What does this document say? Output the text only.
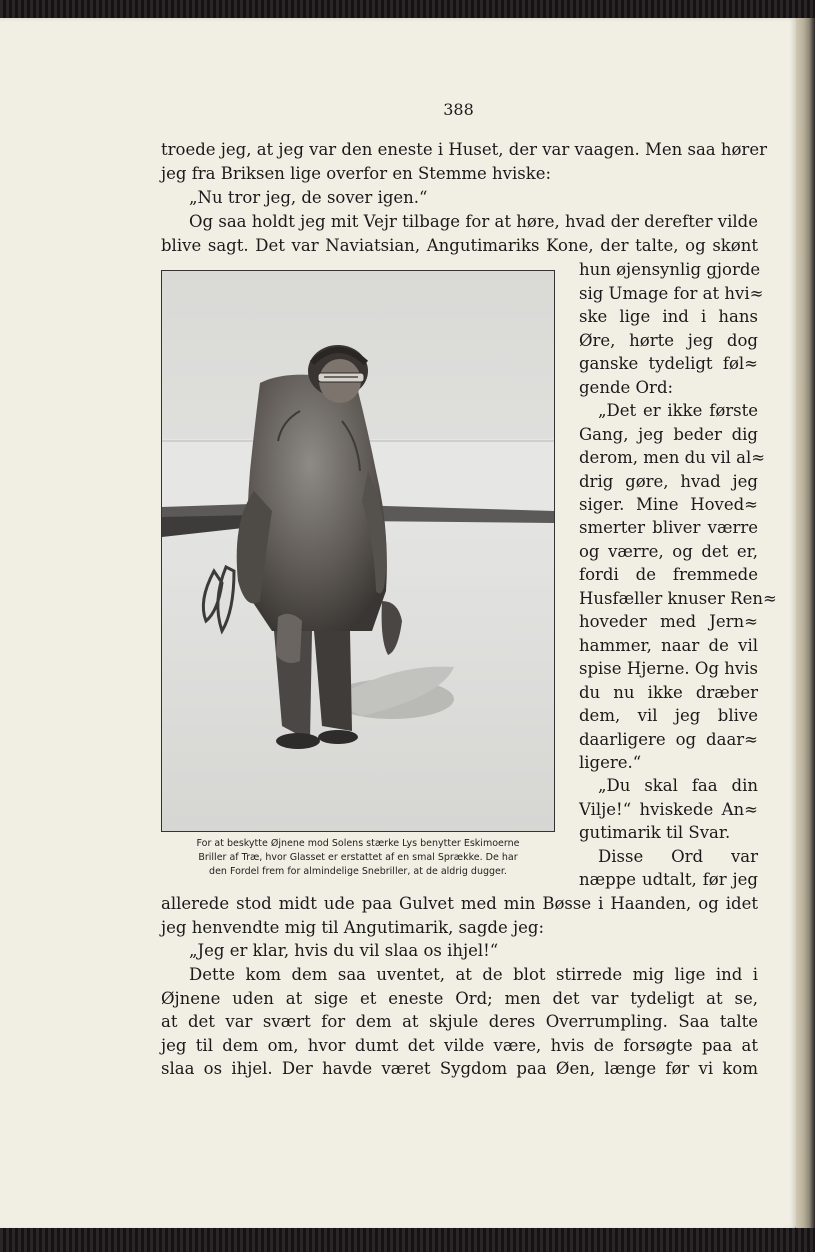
388
troede jeg, at jeg var den eneste i Huset, der var vaagen. Men saa hører
jeg fra Briksen lige overfor en Stemme hviske:
„Nu tror jeg, de sover igen.“
Og saa holdt jeg mit Vejr tilbage for at høre, hvad der derefter vilde
blive sagt. Det var Naviatsian, Angutimariks Kone, der talte, og skønt
hun øjensynlig gjorde
sig Umage for at hvi≈
ske lige ind i hans
Øre, hørte jeg dog
ganske tydeligt føl≈
gende Ord:
„Det er ikke første
Gang, jeg beder dig
derom, men du vil al≈
drig gøre, hvad jeg
siger. Mine Hoved≈
smerter bliver værre
og værre, og det er,
fordi de fremmede
Husfæller knuser Ren≈
hoveder med Jern≈
hammer, naar de vil
spise Hjerne. Og hvis
du nu ikke dræber
dem, vil jeg blive
daarligere og daar≈
ligere.“
„Du skal faa din
Vilje!“ hviskede An≈
gutimarik til Svar.
Disse Ord var
næppe udtalt, før jeg
For at beskytte Øjnene mod Solens stærke Lys benytter Eskimoerne
Briller af Træ, hvor Glasset er erstattet af en smal Sprække. De har
den Fordel frem for almindelige Snebriller, at de aldrig dugger.
allerede stod midt ude paa Gulvet med min Bøsse i Haanden, og idet
jeg henvendte mig til Angutimarik, sagde jeg:
„Jeg er klar, hvis du vil slaa os ihjel!“
Dette kom dem saa uventet, at de blot stirrede mig lige ind i
Øjnene uden at sige et eneste Ord; men det var tydeligt at se,
at det var svært for dem at skjule deres Overrumpling. Saa talte
jeg til dem om, hvor dumt det vilde være, hvis de forsøgte paa at
slaa os ihjel. Der havde været Sygdom paa Øen, længe før vi kom
